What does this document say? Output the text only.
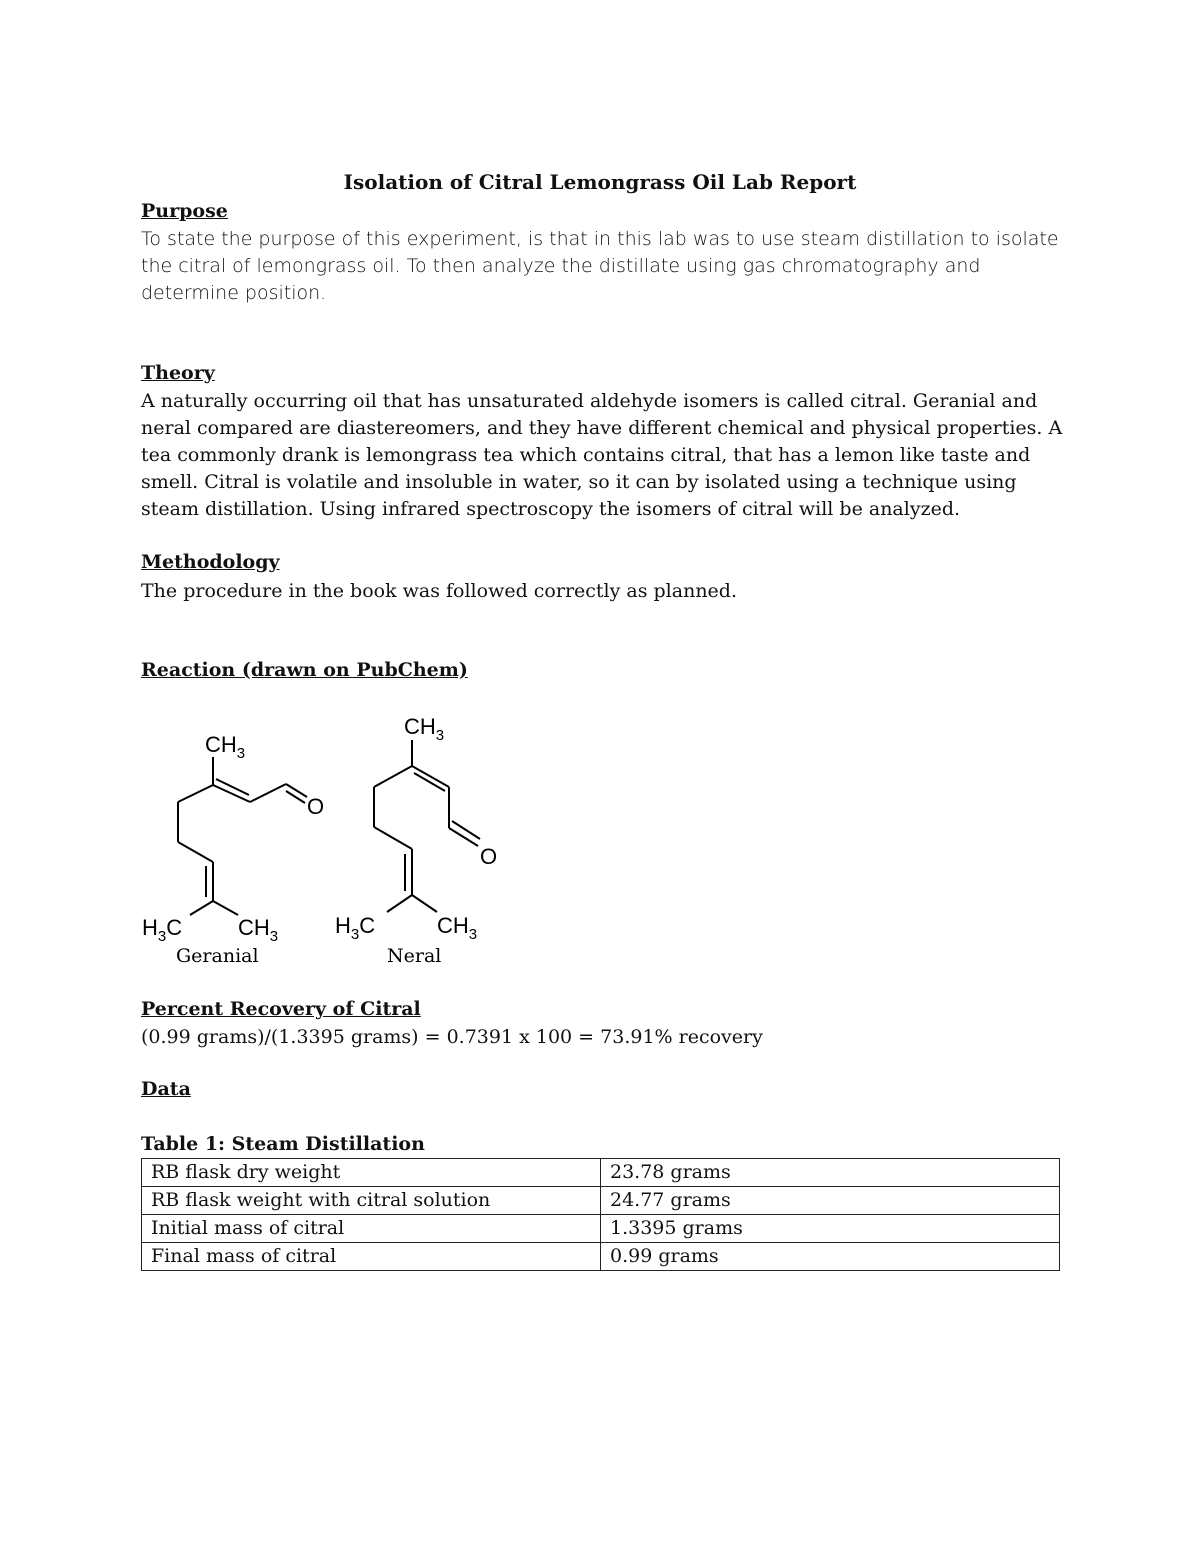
Isolation of Citral Lemongrass Oil Lab Report
Purpose
To state the purpose of this experiment, is that in this lab was to use steam distillation to isolate the citral of lemongrass oil. To then analyze the distillate using gas chromatography and determine position.
Theory
A naturally occurring oil that has unsaturated aldehyde isomers is called citral. Geranial and neral compared are diastereomers, and they have different chemical and physical properties. A tea commonly drank is lemongrass tea which contains citral, that has a lemon like taste and smell. Citral is volatile and insoluble in water, so it can by isolated using a technique using steam distillation. Using infrared spectroscopy the isomers of citral will be analyzed.
Methodology
The procedure in the book was followed correctly as planned.
Reaction (drawn on PubChem)
$CH_3$
O
$H_3C$	$CH_3$
$CH_3$
O
$H_3C$	$CH_3$
Geranial	Neral
Percent Recovery of Citral
(0.99 grams)/(1.3395 grams) = 0.7391 x 100 = 73.91% recovery
Data
Table 1: Steam Distillation
RB flask dry weight	23.78 grams
RB flask weight with citral solution	24.77 grams
Initial mass of citral	1.3395 grams
Final mass of citral	0.99 grams
